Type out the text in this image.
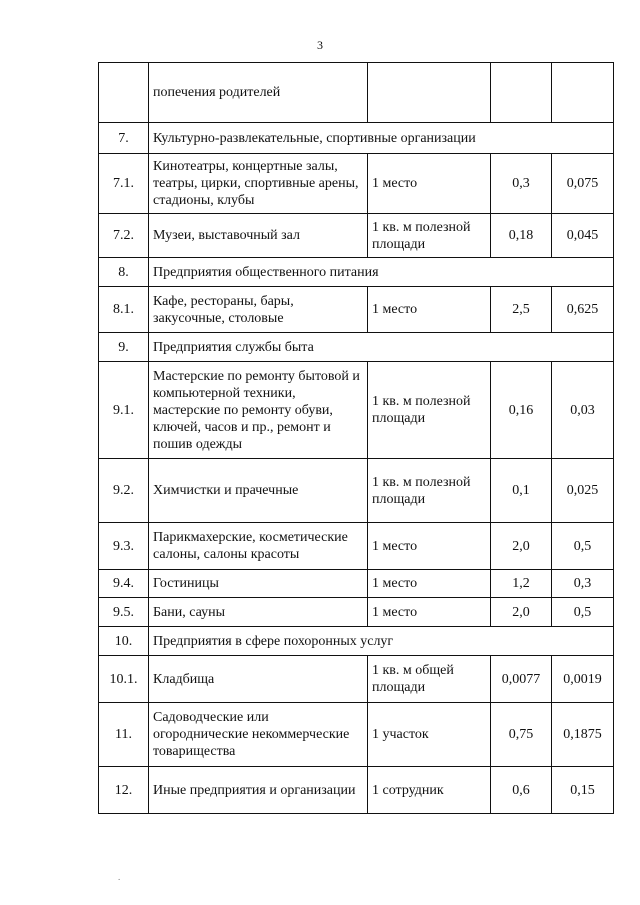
3
	попечения родителей			
7.	Культурно-развлекательные, спортивные организации			
7.1.	Кинотеатры, концертные залы, театры, цирки, спортивные арены, стадионы, клубы	1 место	0,3	0,075
7.2.	Музеи, выставочный зал	1 кв. м полезной площади	0,18	0,045
8.	Предприятия общественного питания			
8.1.	Кафе, рестораны, бары, закусочные, столовые	1 место	2,5	0,625
9.	Предприятия службы быта			
9.1.	Мастерские по ремонту бытовой и компьютерной техники, мастерские по ремонту обуви, ключей, часов и пр., ремонт и пошив одежды	1 кв. м полезной площади	0,16	0,03
9.2.	Химчистки и прачечные	1 кв. м полезной площади	0,1	0,025
9.3.	Парикмахерские, косметические салоны, салоны красоты	1 место	2,0	0,5
9.4.	Гостиницы	1 место	1,2	0,3
9.5.	Бани, сауны	1 место	2,0	0,5
10.	Предприятия в сфере похоронных услуг			
10.1.	Кладбища	1 кв. м общей площади	0,0077	0,0019
11.	Садоводческие или огороднические некоммерческие товарищества	1 участок	0,75	0,1875
12.	Иные предприятия и организации	1 сотрудник	0,6	0,15
.
